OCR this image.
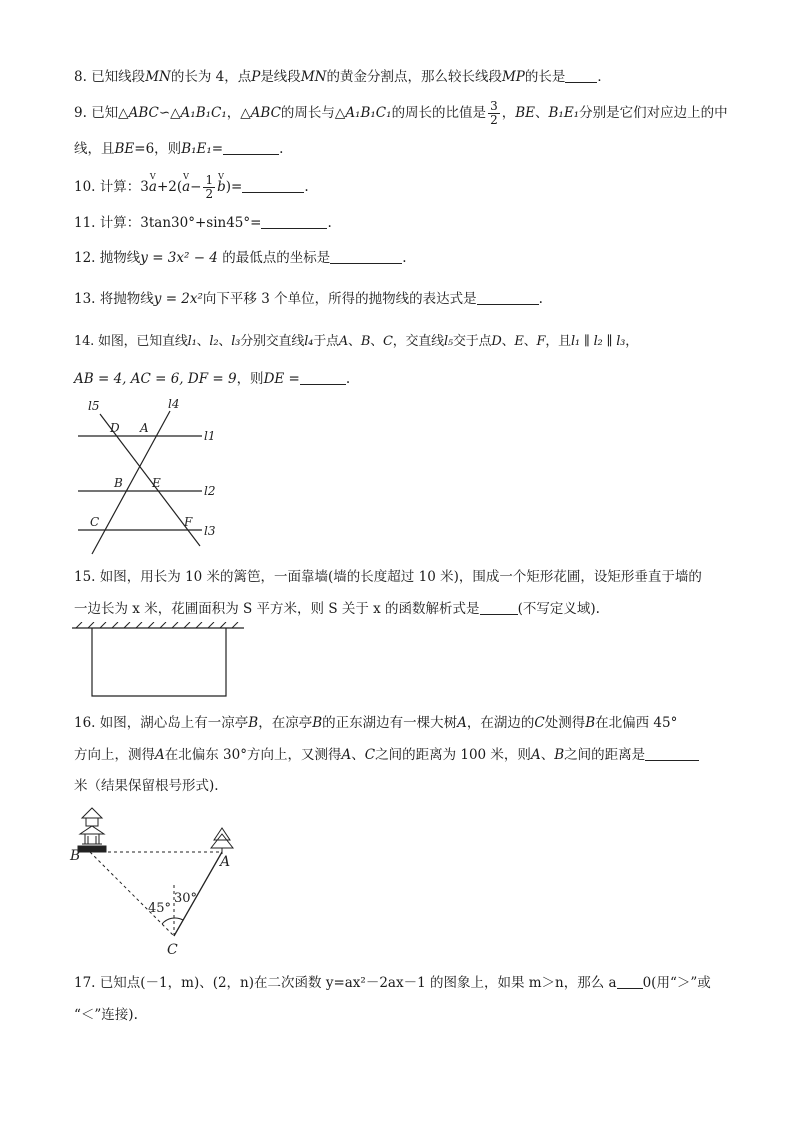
8. 已知线段MN的长为 4，点P是线段MN的黄金分割点，那么较长线段MP的长是 ．
9. 已知△ABC∽△A₁B₁C₁，△ABC的周长与△A₁B₁C₁的周长的比值是 $\frac{3}{2}$ ，BE、B₁E₁分别是它们对应边上的中
线，且BE=6，则B₁E₁=	.
10. 计算：3V a+2(V $a- \frac{1}{2}$
V b)=	.
11. 计算：3tan30°+sin45°=	.
12. 抛物线y = 3x² − 4 的最低点的坐标是	.
13. 将抛物线y = 2x²向下平移 3 个单位，所得的抛物线的表达式是	.
14. 如图，已知直线l₁、l₂、l₃分别交直线l₄于点A、B、C，交直线l₅交于点D、E、F，且l₁ ∥ l₂ ∥ l₃，
AB = 4, AC = 6, DF = 9，则DE =	.
l5	l4
l1
l2
l3
D A
B E
C	F
15. 如图，用长为 10 米的篱笆，一面靠墙(墙的长度超过 10 米)，围成一个矩形花圃，设矩形垂直于墙的
一边长为 x 米，花圃面积为 S 平方米，则 S 关于 x 的函数解析式是	(不写定义域).
16. 如图，湖心岛上有一凉亭B，在凉亭B的正东湖边有一棵大树A，在湖边的C处测得B在北偏西 45°
方向上，测得A在北偏东 30°方向上，又测得A、C之间的距离为 100 米，则A、B之间的距离是
米（结果保留根号形式).
B	A
C
45°
30°
17. 已知点(－1，m)、(2，n)在二次函数 y=ax²－2ax－1 的图象上，如果 m＞n，那么 a 0(用“＞”或
“＜”连接).
